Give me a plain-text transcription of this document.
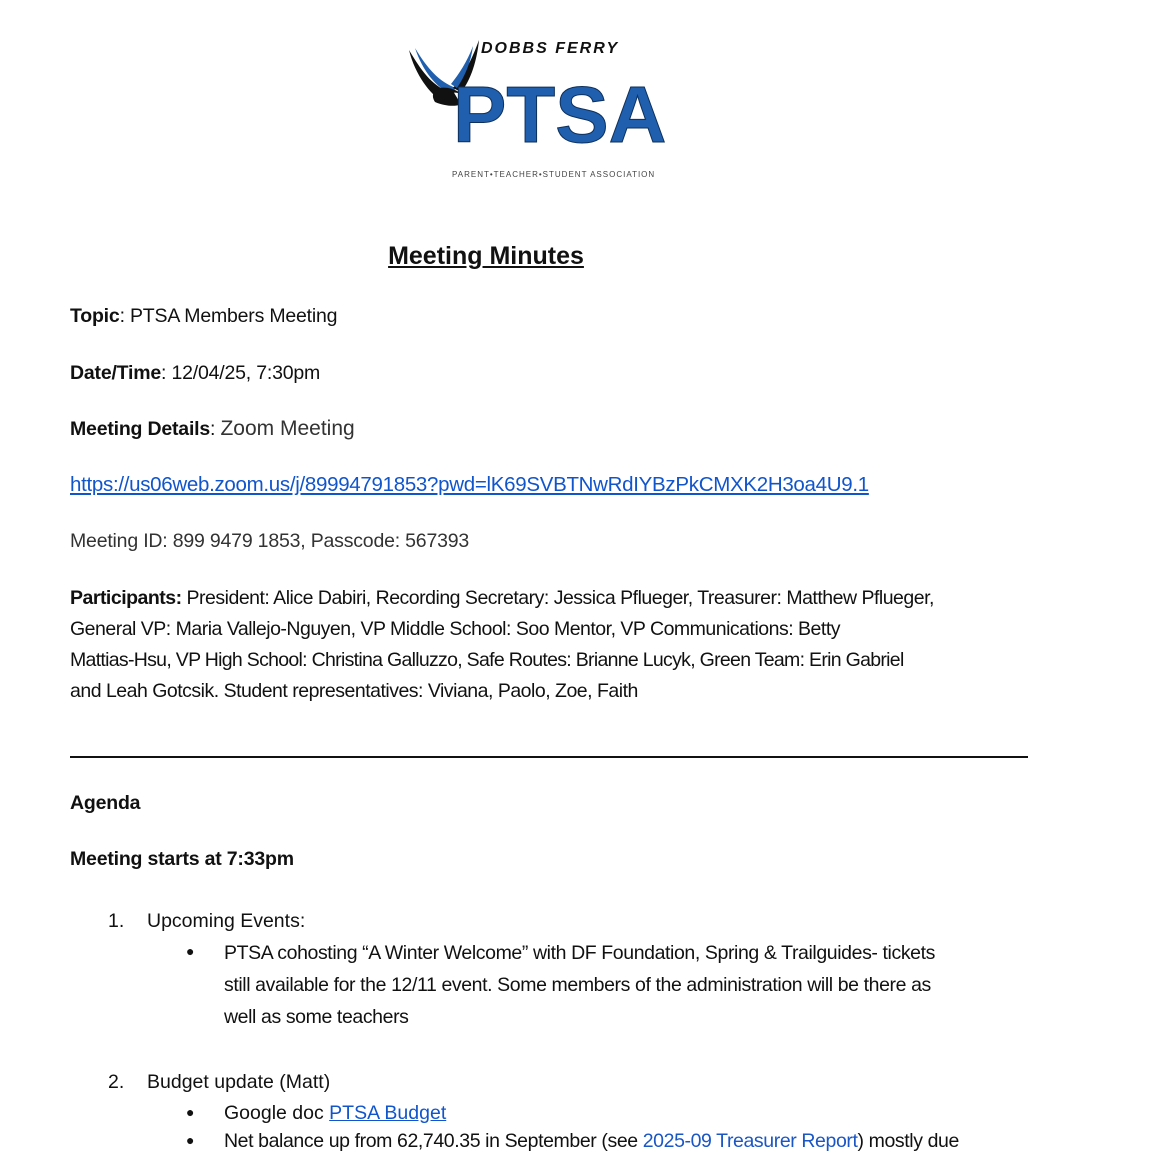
DOBBS FERRY
PTSA
PARENT•TEACHER•STUDENT ASSOCIATION
Meeting Minutes
Topic: PTSA Members Meeting
Date/Time: 12/04/25, 7:30pm
Meeting Details: Zoom Meeting
https://us06web.zoom.us/j/89994791853?pwd=lK69SVBTNwRdIYBzPkCMXK2H3oa4U9.1
Meeting ID: 899 9479 1853, Passcode: 567393
Participants: President: Alice Dabiri, Recording Secretary: Jessica Pflueger, Treasurer: Matthew Pflueger,
General VP: Maria Vallejo-Nguyen, VP Middle School: Soo Mentor, VP Communications: Betty
Mattias-Hsu, VP High School: Christina Galluzzo, Safe Routes: Brianne Lucyk, Green Team: Erin Gabriel
and Leah Gotcsik. Student representatives: Viviana, Paolo, Zoe, Faith
Agenda
Meeting starts at 7:33pm
1. Upcoming Events:
● PTSA cohosting “A Winter Welcome” with DF Foundation, Spring & Trailguides- tickets
still available for the 12/11 event. Some members of the administration will be there as
well as some teachers
2. Budget update (Matt)
● Google doc PTSA Budget
● Net balance up from 62,740.35 in September (see 2025-09 Treasurer Report) mostly due
